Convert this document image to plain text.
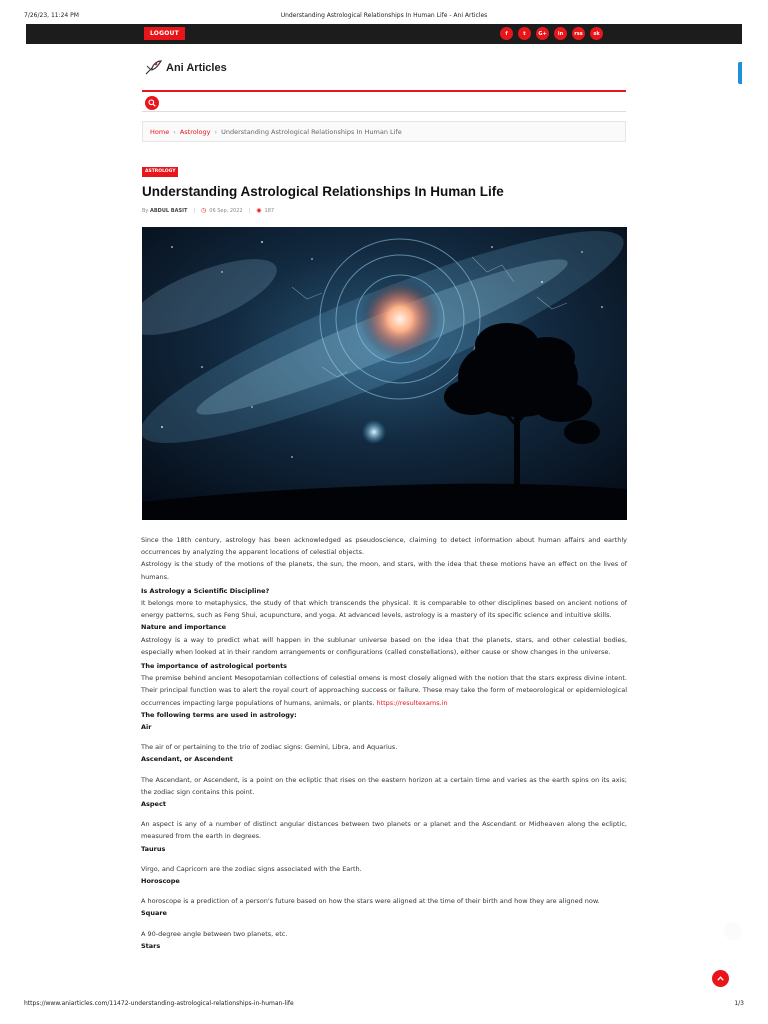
7/26/23, 11:24 PM	Understanding Astrological Relationships In Human Life - Ani Articles
LOGOUT	f	t	G+	in	rss	sk
Ani Articles
Home › Astrology › Understanding Astrological Relationships In Human Life
ASTROLOGY
Understanding Astrological Relationships In Human Life
By
ABDUL BASIT | ◷ 06 Sep, 2022 | ◉ 187

Since the 18th century, astrology has been acknowledged as pseudoscience, claiming to detect information about human affairs and earthly occurrences by analyzing the apparent locations of celestial objects.

Astrology is the study of the motions of the planets, the sun, the moon, and stars, with the idea that these motions have an effect on the lives of humans.

Is Astrology a Scientific Discipline?

It belongs more to metaphysics, the study of that which transcends the physical. It is comparable to other disciplines based on ancient notions of energy patterns, such as Feng Shui, acupuncture, and yoga. At advanced levels, astrology is a mastery of its specific science and intuitive skills.

Nature and importance

Astrology is a way to predict what will happen in the sublunar universe based on the idea that the planets, stars, and other celestial bodies, especially when looked at in their random arrangements or configurations (called constellations), either cause or show changes in the universe.

The importance of astrological portents

The premise behind ancient Mesopotamian collections of celestial omens is most closely aligned with the notion that the stars express divine intent. Their principal function was to alert the royal court of approaching success or failure. These may take the form of meteorological or epidemiological occurrences impacting large populations of humans, animals, or plants. https://resultexams.in

The following terms are used in astrology:
Air

The air of or pertaining to the trio of zodiac signs: Gemini, Libra, and Aquarius.

Ascendant, or Ascendent

The Ascendant, or Ascendent, is a point on the ecliptic that rises on the eastern horizon at a certain time and varies as the earth spins on its axis; the zodiac sign contains this point.

Aspect

An aspect is any of a number of distinct angular distances between two planets or a planet and the Ascendant or Midheaven along the ecliptic, measured from the earth in degrees.

Taurus

Virgo, and Capricorn are the zodiac signs associated with the Earth.

Horoscope

A horoscope is a prediction of a person's future based on how the stars were aligned at the time of their birth and how they are aligned now.

Square

A 90-degree angle between two planets, etc.

Stars
https://www.aniarticles.com/11472-understanding-astrological-relationships-in-human-life	1/3
